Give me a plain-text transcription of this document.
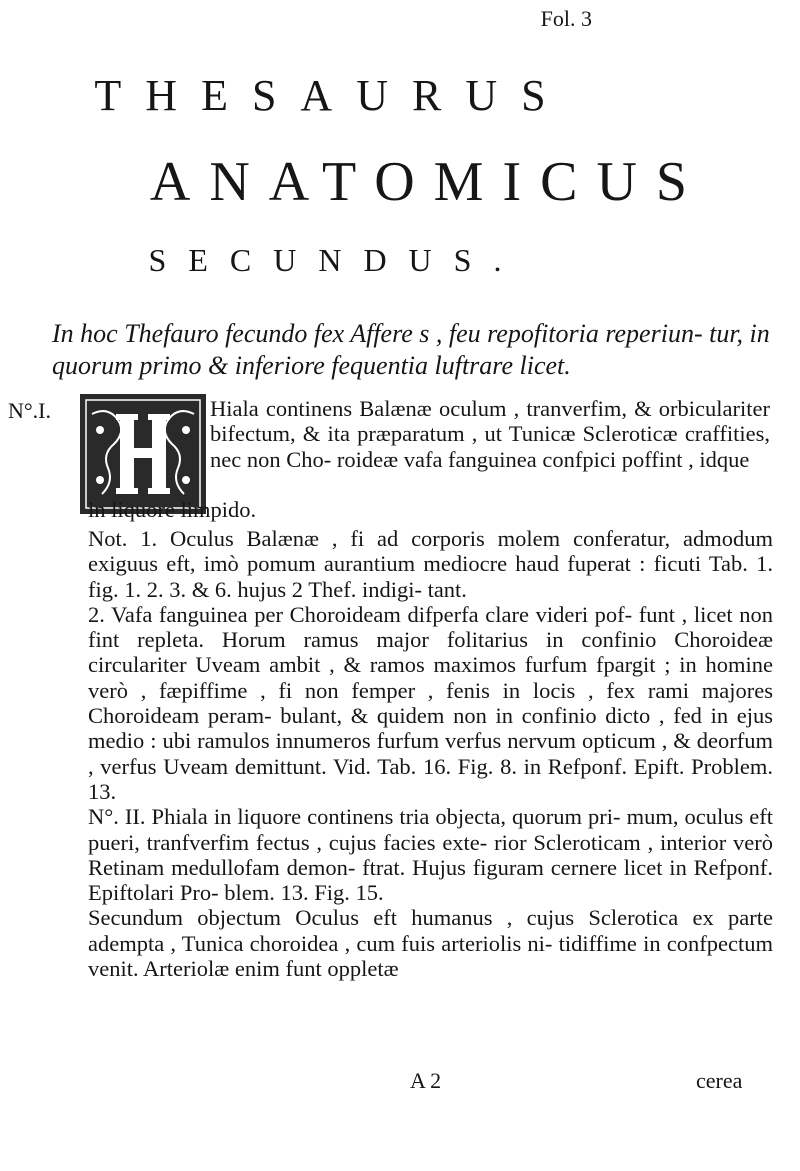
Fol. 3
THESAURUS
ANATOMICUS
SECUNDUS.
In hoc Thefauro fecundo fex Affere s , feu repofitoria reperiun- tur, in quorum primo & inferiore fequentia luftrare licet.
N°.I.	Hiala continens Balænæ oculum , tranverfim, & orbiculariter bifectum, & ita præparatum , ut Tunicæ Scleroticæ craffities, nec non Cho- roideæ vafa fanguinea confpici poffint , idque
in liquore limpido.
Not. 1. Oculus Balænæ , fi ad corporis molem conferatur, admodum exiguus eft, imò pomum aurantium mediocre haud fuperat : ficuti Tab. 1. fig. 1. 2. 3. & 6. hujus 2 Thef. indigi- tant.
2. Vafa fanguinea per Choroideam difperfa clare videri pof- funt , licet non fint repleta. Horum ramus major folitarius in confinio Choroideæ circulariter Uveam ambit , & ramos maximos furfum fpargit ; in homine verò , fæpiffime , fi non femper , fenis in locis , fex rami majores Choroideam peram- bulant, & quidem non in confinio dicto , fed in ejus medio : ubi ramulos innumeros furfum verfus nervum opticum , & deorfum , verfus Uveam demittunt. Vid. Tab. 16. Fig. 8. in Refponf. Epift. Problem. 13.
N°. II. Phiala in liquore continens tria objecta, quorum pri- mum, oculus eft pueri, tranfverfim fectus , cujus facies exte- rior Scleroticam , interior verò Retinam medullofam demon- ftrat. Hujus figuram cernere licet in Refponf. Epiftolari Pro- blem. 13. Fig. 15.
Secundum objectum Oculus eft humanus , cujus Sclerotica ex parte adempta , Tunica choroidea , cum fuis arteriolis ni- tidiffime in confpectum venit. Arteriolæ enim funt oppletæ
A 2	cerea
